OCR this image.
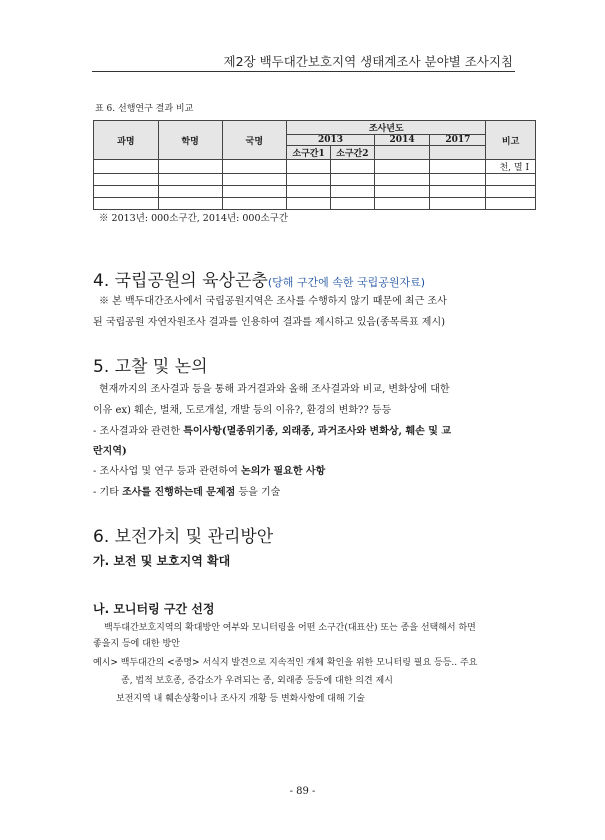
제2장 백두대간보호지역 생태계조사 분야별 조사지침
표 6. 선행연구 결과 비교
과명	학명	국명	조사년도				비고
			2013		2014	2017	
			소구간1	소구간2			
							천, 멸 I

※ 2013년: 000소구간, 2014년: 000소구간
4. 국립공원의 육상곤충(당해 구간에 속한 국립공원자료)
※ 본 백두대간조사에서 국립공원지역은 조사를 수행하지 않기 때문에 최근 조사
된 국립공원 자연자원조사 결과를 인용하여 결과를 제시하고 있음(종목록표 제시)
5. 고찰 및 논의
현재까지의 조사결과 등을 통해 과거결과와 올해 조사결과와 비교, 변화상에 대한
이유 ex) 훼손, 벌채, 도로개설, 개발 등의 이유?, 환경의 변화?? 등등
- 조사결과와 관련한 특이사항(멸종위기종, 외래종, 과거조사와 변화상, 훼손 및 교
란지역)
- 조사사업 및 연구 등과 관련하여 논의가 필요한 사항
- 기타 조사를 진행하는데 문제점 등을 기술
6. 보전가치 및 관리방안
가. 보전 및 보호지역 확대
나. 모니터링 구간 선정
백두대간보호지역의 확대방안 여부와 모니터링을 어떤 소구간(대표산) 또는 종을 선택해서 하면
좋을지 등에 대한 방안
예시> 백두대간의 <종명> 서식지 발견으로 지속적인 개체 확인을 위한 모니터링 필요 등등.. 주요
종, 법적 보호종, 증감소가 우려되는 종, 외래종 등등에 대한 의견 제시
보전지역 내 훼손상황이나 조사지 개황 등 변화사항에 대해 기술
- 89 -
